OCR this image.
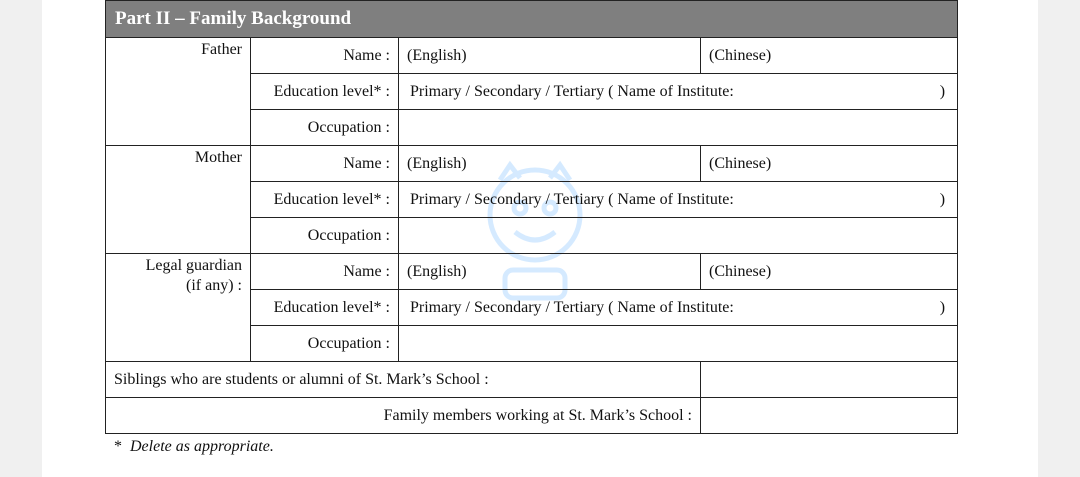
Part II – Family Background			
Father	Name :	(English)	(Chinese)
	Education level* :	Primary / Secondary / Tertiary ( Name of Institute: )	

	Occupation :		
Mother	Name :	(English)	(Chinese)
	Education level* :	Primary / Secondary / Tertiary ( Name of Institute: )	

	Occupation :		

Legal guardian
(if any) :	Name :	(English)	(Chinese)
	Education level* :	Primary / Secondary / Tertiary ( Name of Institute: )	

	Occupation :		
Siblings who are students or alumni of St. Mark’s School :			
Family members working at St. Mark’s School :			
* Delete as appropriate.
